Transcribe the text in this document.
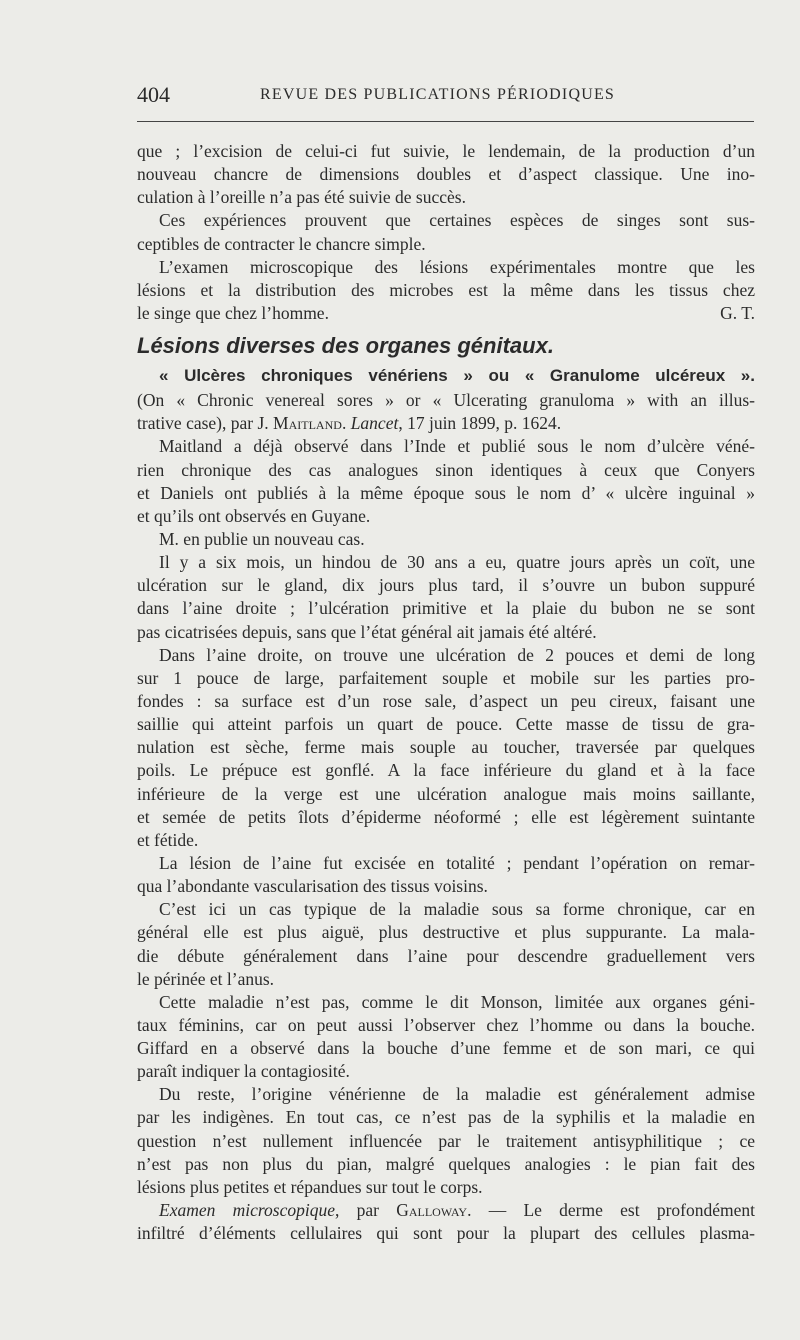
404	REVUE DES PUBLICATIONS PÉRIODIQUES
que ; l’excision de celui-ci fut suivie, le lendemain, de la production d’un
nouveau chancre de dimensions doubles et d’aspect classique. Une ino-
culation à l’oreille n’a pas été suivie de succès.
Ces expériences prouvent que certaines espèces de singes sont sus-
ceptibles de contracter le chancre simple.
L’examen microscopique des lésions expérimentales montre que les
lésions et la distribution des microbes est la même dans les tissus chez
le singe que chez l’homme.	G. T.
Lésions diverses des organes génitaux.
« Ulcères chroniques vénériens » ou « Granulome ulcéreux ».
(On « Chronic venereal sores » or « Ulcerating granuloma » with an illus-
trative case), par J. Maitland. Lancet, 17 juin 1899, p. 1624.
Maitland a déjà observé dans l’Inde et publié sous le nom d’ulcère véné-
rien chronique des cas analogues sinon identiques à ceux que Conyers
et Daniels ont publiés à la même époque sous le nom d’ « ulcère inguinal »
et qu’ils ont observés en Guyane.
M. en publie un nouveau cas.
Il y a six mois, un hindou de 30 ans a eu, quatre jours après un coït, une
ulcération sur le gland, dix jours plus tard, il s’ouvre un bubon suppuré
dans l’aine droite ; l’ulcération primitive et la plaie du bubon ne se sont
pas cicatrisées depuis, sans que l’état général ait jamais été altéré.
Dans l’aine droite, on trouve une ulcération de 2 pouces et demi de long
sur 1 pouce de large, parfaitement souple et mobile sur les parties pro-
fondes : sa surface est d’un rose sale, d’aspect un peu cireux, faisant une
saillie qui atteint parfois un quart de pouce. Cette masse de tissu de gra-
nulation est sèche, ferme mais souple au toucher, traversée par quelques
poils. Le prépuce est gonflé. A la face inférieure du gland et à la face
inférieure de la verge est une ulcération analogue mais moins saillante,
et semée de petits îlots d’épiderme néoformé ; elle est légèrement suintante
et fétide.
La lésion de l’aine fut excisée en totalité ; pendant l’opération on remar-
qua l’abondante vascularisation des tissus voisins.
C’est ici un cas typique de la maladie sous sa forme chronique, car en
général elle est plus aiguë, plus destructive et plus suppurante. La mala-
die débute généralement dans l’aine pour descendre graduellement vers
le périnée et l’anus.
Cette maladie n’est pas, comme le dit Monson, limitée aux organes géni-
taux féminins, car on peut aussi l’observer chez l’homme ou dans la bouche.
Giffard en a observé dans la bouche d’une femme et de son mari, ce qui
paraît indiquer la contagiosité.
Du reste, l’origine vénérienne de la maladie est généralement admise
par les indigènes. En tout cas, ce n’est pas de la syphilis et la maladie en
question n’est nullement influencée par le traitement antisyphilitique ; ce
n’est pas non plus du pian, malgré quelques analogies : le pian fait des
lésions plus petites et répandues sur tout le corps.
Examen microscopique, par Galloway. — Le derme est profondément
infiltré d’éléments cellulaires qui sont pour la plupart des cellules plasma-
